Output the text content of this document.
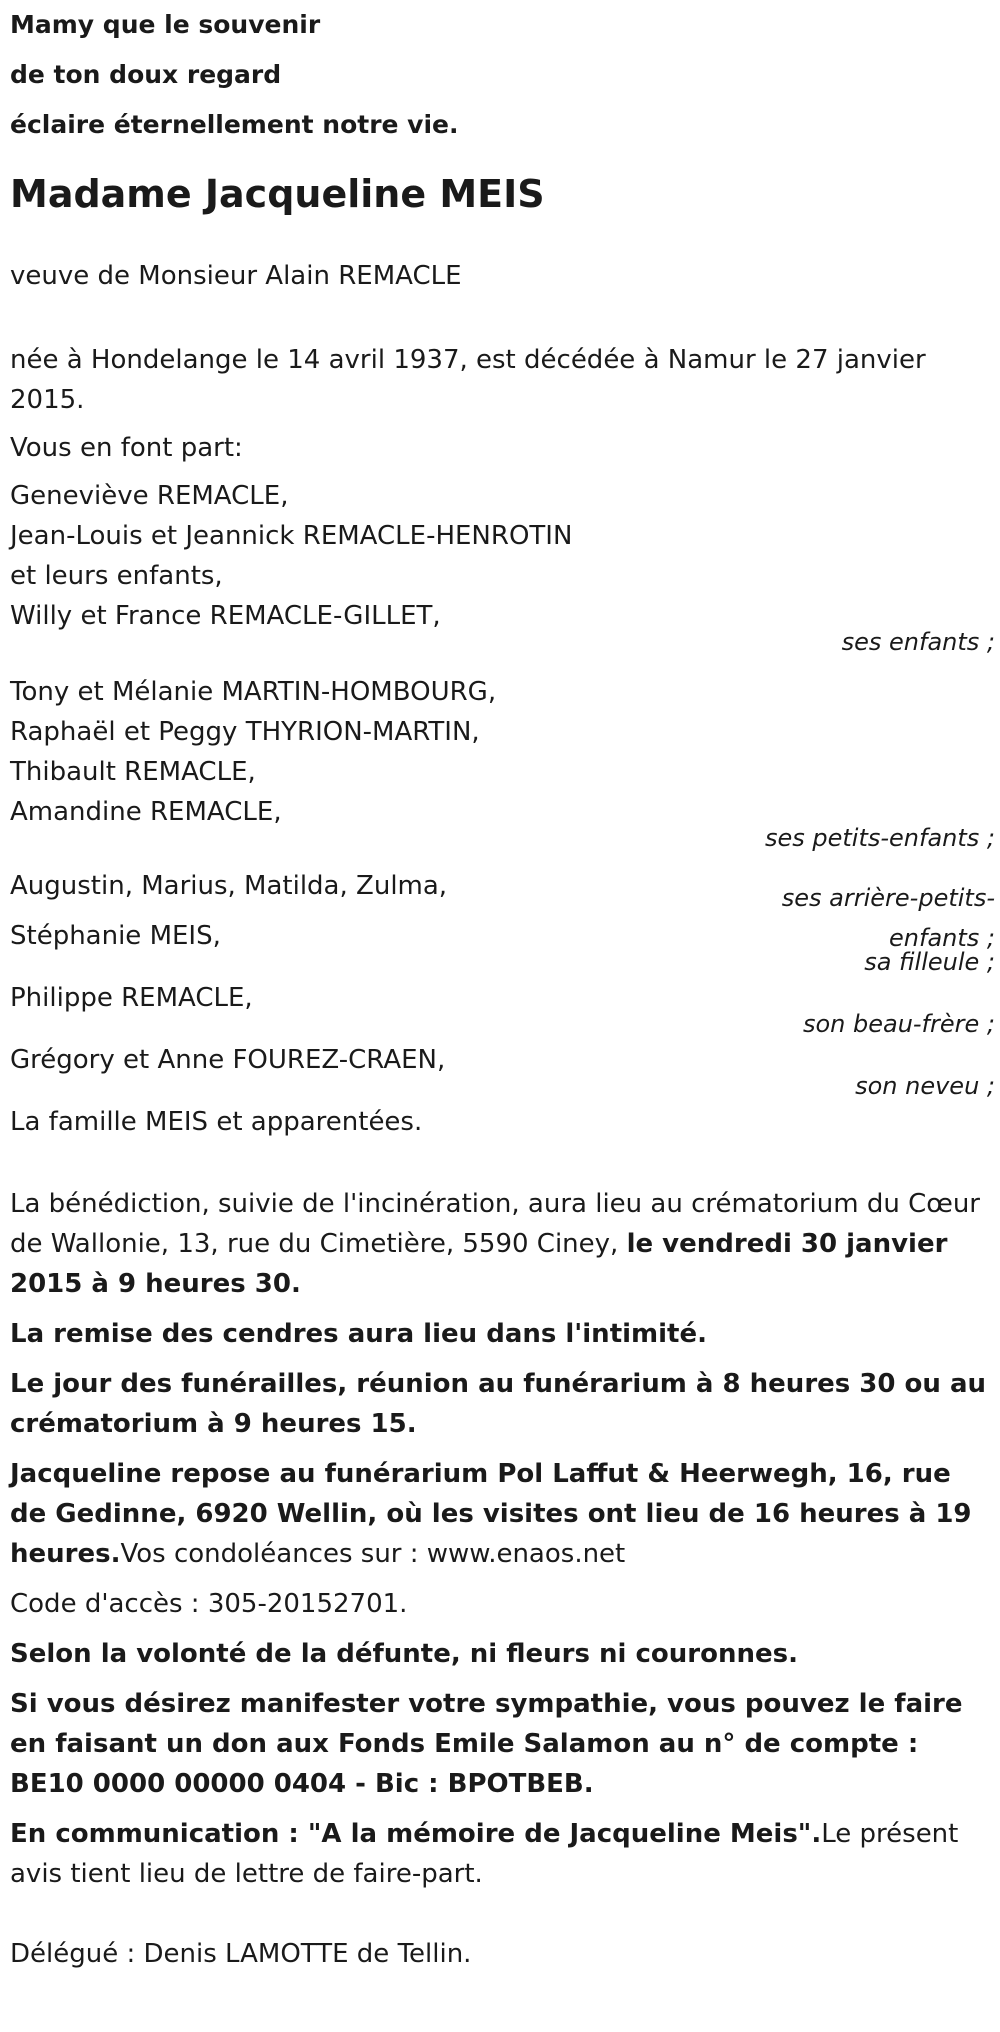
Mamy que le souvenir
de ton doux regard
éclaire éternellement notre vie.
Madame Jacqueline MEIS
veuve de Monsieur Alain REMACLE
née à Hondelange le 14 avril 1937, est décédée à Namur le 27 janvier 2015.
Vous en font part:
Geneviève REMACLE,
Jean-Louis et Jeannick REMACLE-HENROTIN
et leurs enfants,
Willy et France REMACLE-GILLET,
ses enfants ;
Tony et Mélanie MARTIN-HOMBOURG,
Raphaël et Peggy THYRION-MARTIN,
Thibault REMACLE,
Amandine REMACLE,
ses petits-enfants ;
Augustin, Marius, Matilda, Zulma,	ses arrière-petits-enfants ;
Stéphanie MEIS,
sa filleule ;
Philippe REMACLE,
son beau-frère ;
Grégory et Anne FOUREZ-CRAEN,
son neveu ;
La famille MEIS et apparentées.
La bénédiction, suivie de l'incinération, aura lieu au crématorium du Cœur de Wallonie, 13, rue du Cimetière, 5590 Ciney, le vendredi 30 janvier 2015 à 9 heures 30.
La remise des cendres aura lieu dans l'intimité.
Le jour des funérailles, réunion au funérarium à 8 heures 30 ou au crématorium à 9 heures 15.
Jacqueline repose au funérarium Pol Laffut & Heerwegh, 16, rue de Gedinne, 6920 Wellin, où les visites ont lieu de 16 heures à 19 heures.Vos condoléances sur : www.enaos.net
Code d'accès : 305-20152701.
Selon la volonté de la défunte, ni fleurs ni couronnes.
Si vous désirez manifester votre sympathie, vous pouvez le faire en faisant un don aux Fonds Emile Salamon au n° de compte : BE10 0000 00000 0404 - Bic : BPOTBEB.
En communication : "A la mémoire de Jacqueline Meis".Le présent avis tient lieu de lettre de faire-part.
Délégué : Denis LAMOTTE de Tellin.
